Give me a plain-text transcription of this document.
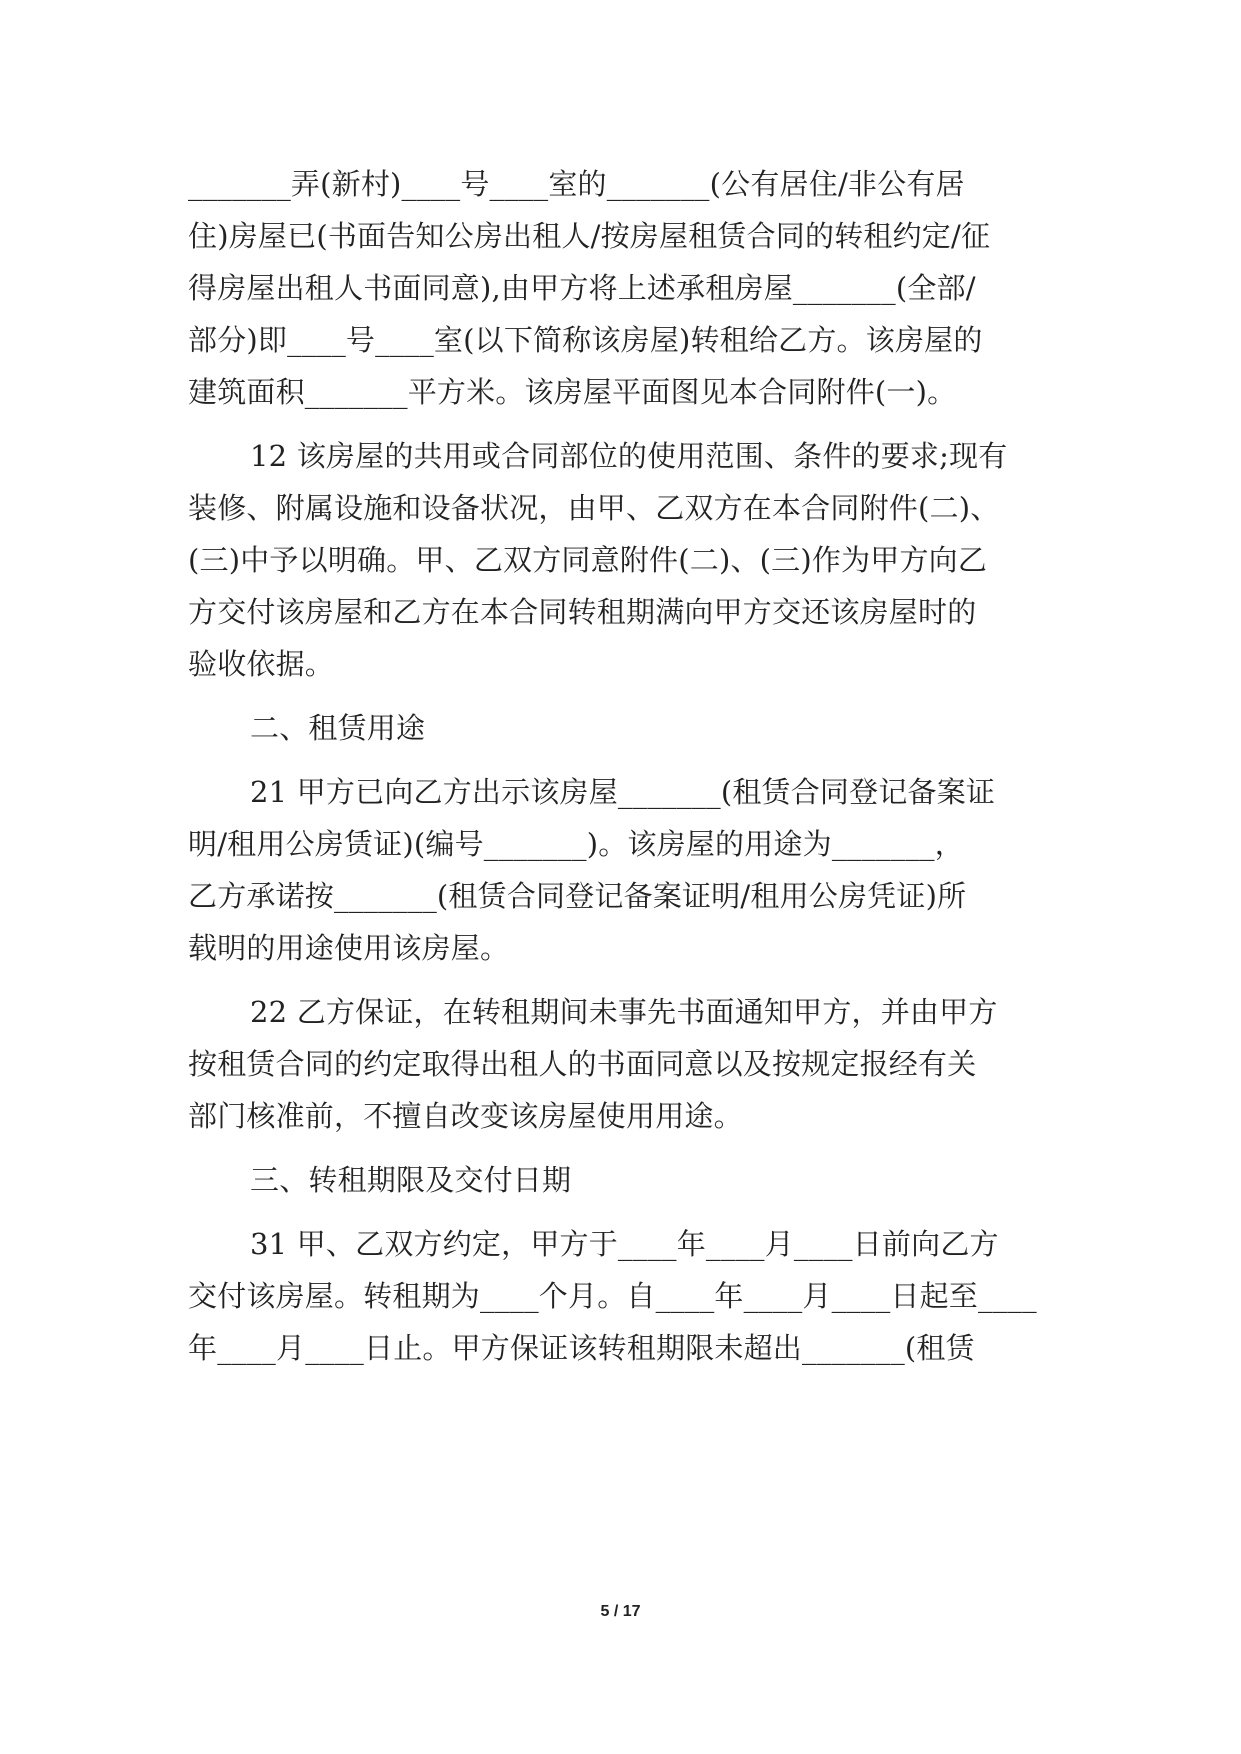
_______弄(新村)____号____室的_______(公有居住/非公有居
住)房屋已(书面告知公房出租人/按房屋租赁合同的转租约定/征
得房屋出租人书面同意),由甲方将上述承租房屋_______(全部/
部分)即____号____室(以下简称该房屋)转租给乙方。该房屋的
建筑面积_______平方米。该房屋平面图见本合同附件(一)。
12 该房屋的共用或合同部位的使用范围、条件的要求;现有
装修、附属设施和设备状况，由甲、乙双方在本合同附件(二)、
(三)中予以明确。甲、乙双方同意附件(二)、(三)作为甲方向乙
方交付该房屋和乙方在本合同转租期满向甲方交还该房屋时的
验收依据。
二、租赁用途
21 甲方已向乙方出示该房屋_______(租赁合同登记备案证
明/租用公房赁证)(编号_______)。该房屋的用途为_______，
乙方承诺按_______(租赁合同登记备案证明/租用公房凭证)所
载明的用途使用该房屋。
22 乙方保证，在转租期间未事先书面通知甲方，并由甲方
按租赁合同的约定取得出租人的书面同意以及按规定报经有关
部门核准前，不擅自改变该房屋使用用途。
三、转租期限及交付日期
31 甲、乙双方约定，甲方于____年____月____日前向乙方
交付该房屋。转租期为____个月。自____年____月____日起至____
年____月____日止。甲方保证该转租期限未超出_______(租赁
5 / 17
